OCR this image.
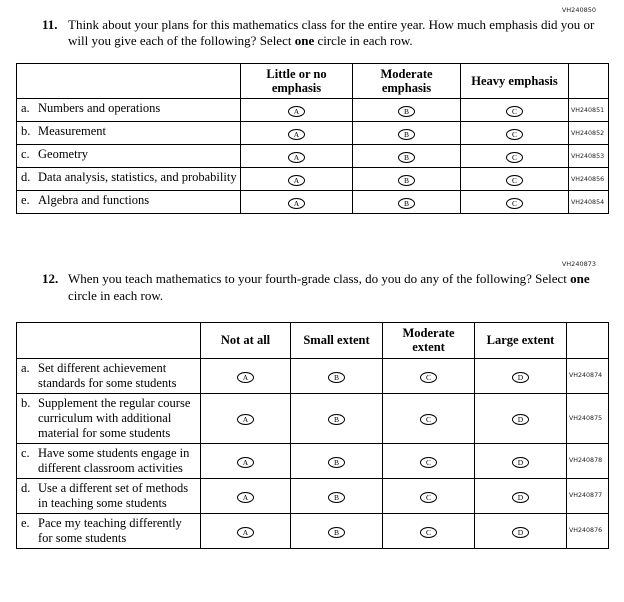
VH240850
11. Think about your plans for this mathematics class for the entire year. How much emphasis did you or will you give each of the following? Select one circle in each row.
	Little or no emphasis	Moderate emphasis	Heavy emphasis	

a. Numbers and operations	A	B	C	VH240851

b. Measurement	A	B	C	VH240852

c. Geometry	A	B	C	VH240853

d. Data analysis, statistics, and probability	A	B	C	VH240856

e. Algebra and functions	A	B	C	VH240854
VH240873
12. When you teach mathematics to your fourth-grade class, do you do any of the following? Select one circle in each row.
	Not at all	Small extent	Moderate extent	Large extent	

a. Set different achievement standards for some students	A	B	C	D	VH240874

b. Supplement the regular course curriculum with additional material for some students	A	B	C	D	VH240875

c. Have some students engage in different classroom activities	A	B	C	D	VH240878

d. Use a different set of methods in teaching some students	A	B	C	D	VH240877

e. Pace my teaching differently for some students	A	B	C	D	VH240876
